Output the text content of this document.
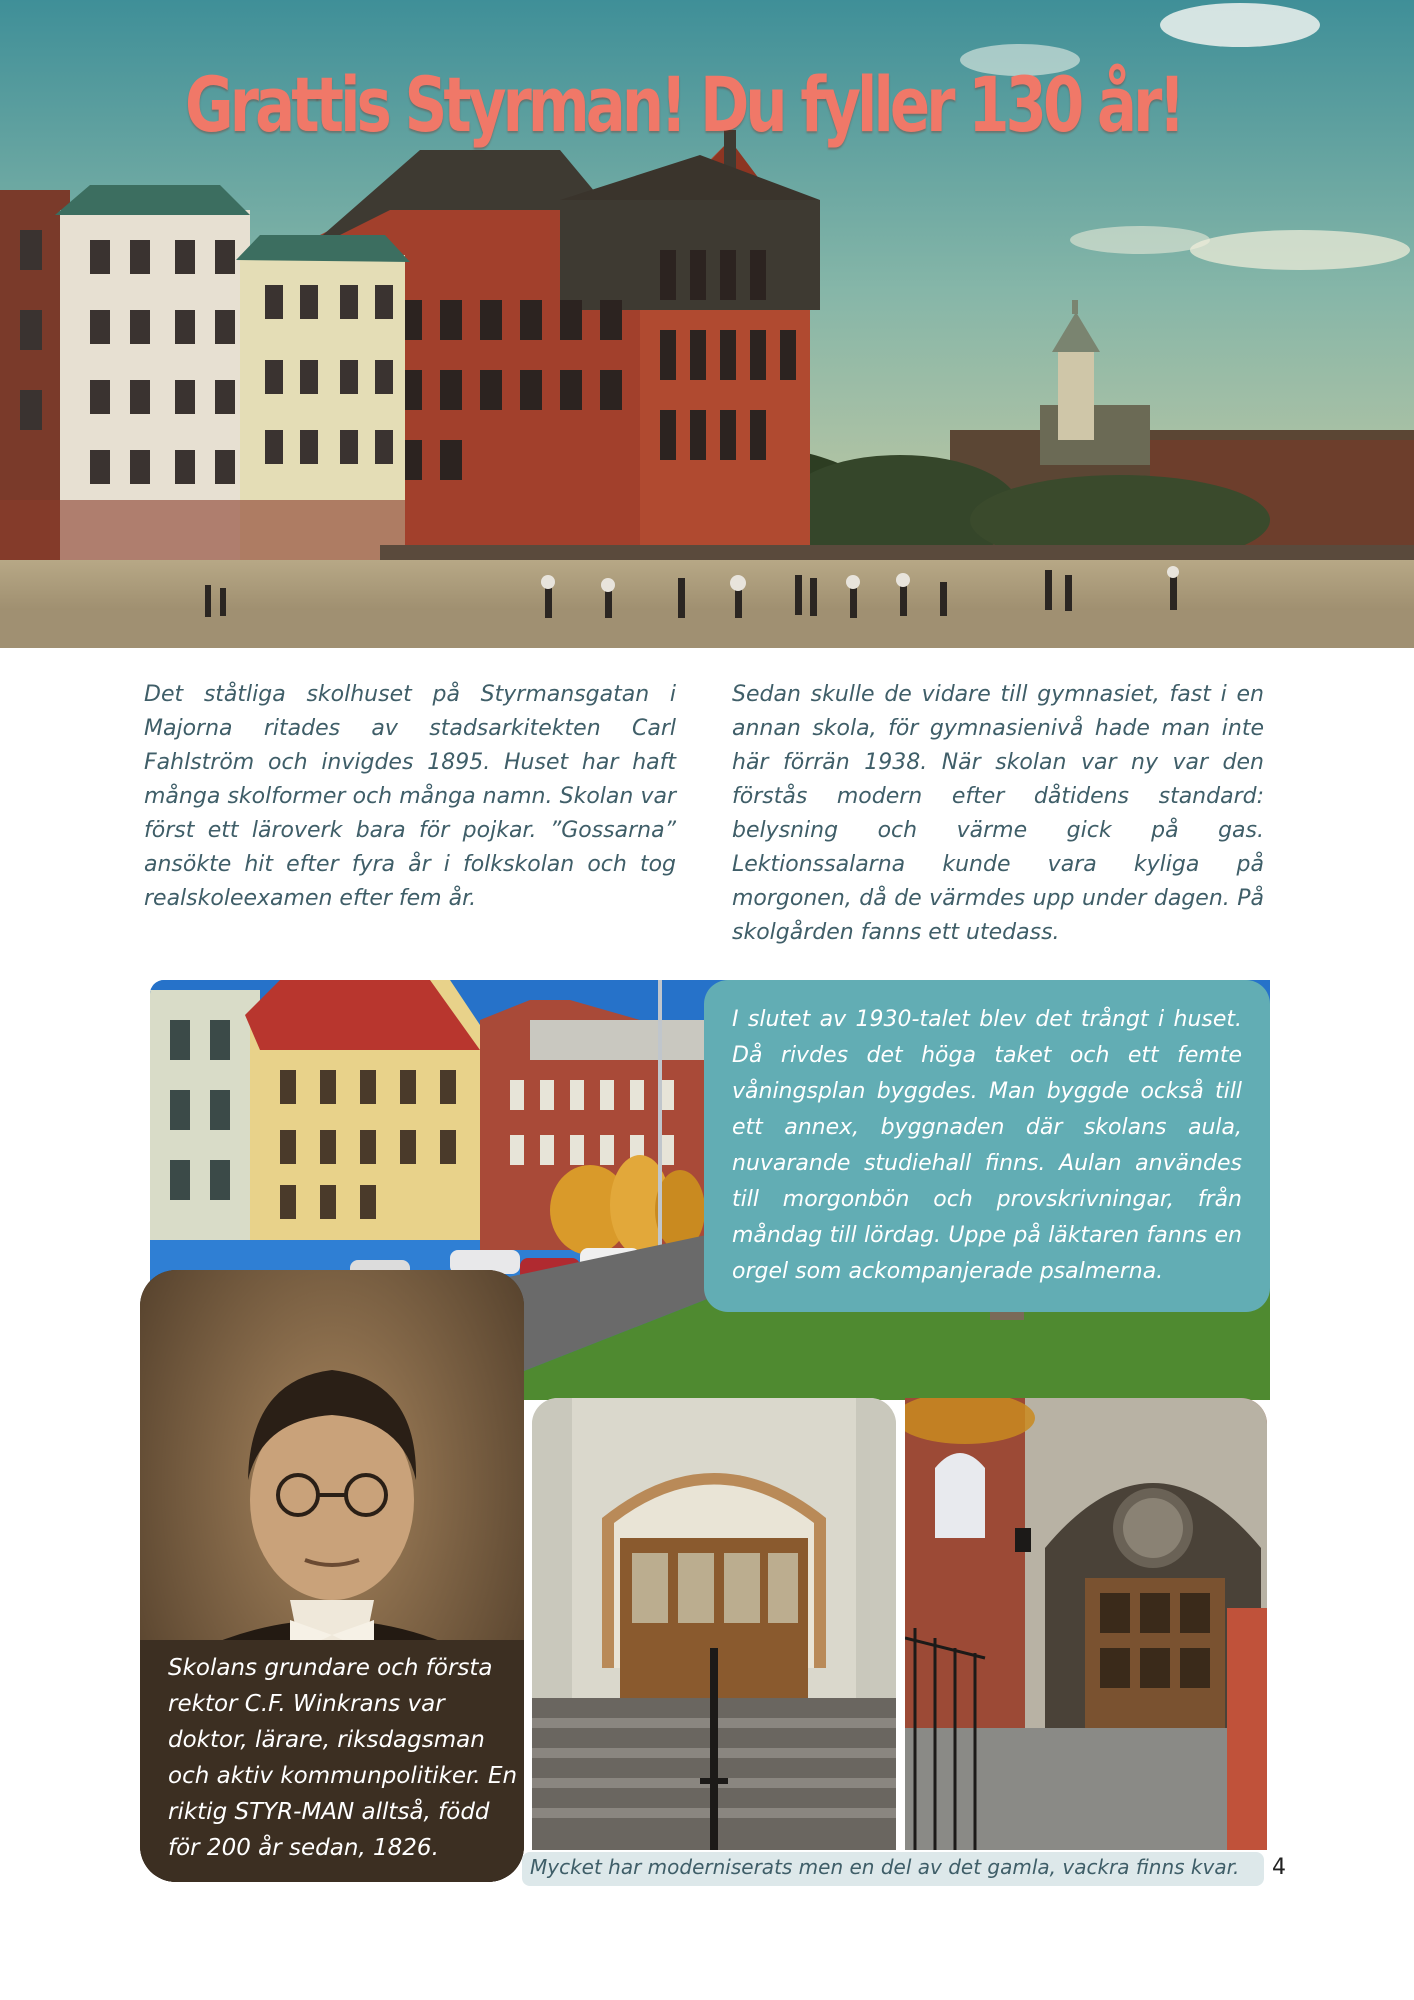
Grattis Styrman! Du fyller 130 år!

Det ståtliga skolhuset på Styrmansgatan i Majorna ritades av stadsarkitekten Carl Fahlström och invigdes 1895. Huset har haft många skolformer och många namn. Skolan var först ett läroverk bara för pojkar. ”Gossarna” ansökte hit efter fyra år i folkskolan och tog realskoleexamen efter fem år.

Sedan skulle de vidare till gymnasiet, fast i en annan skola, för gymnasienivå hade man inte här förrän 1938. När skolan var ny var den förstås modern efter dåtidens standard: belysning och värme gick på gas. Lektionssalarna kunde vara kyliga på morgonen, då de värmdes upp under dagen. På skolgården fanns ett utedass.

I slutet av 1930-talet blev det trångt i huset. Då rivdes det höga taket och ett femte våningsplan byggdes. Man byggde också till ett annex, byggnaden där skolans aula, nuvarande studiehall finns. Aulan användes till morgonbön och provskrivningar, från måndag till lördag. Uppe på läktaren fanns en orgel som ackompanjerade psalmerna.

Skolans grundare och första rektor C.F. Winkrans var doktor, lärare, riksdagsman och aktiv kommunpolitiker. En riktig STYR-MAN alltså, född för 200 år sedan, 1826.

Mycket har moderniserats men en del av det gamla, vackra finns kvar.	4
